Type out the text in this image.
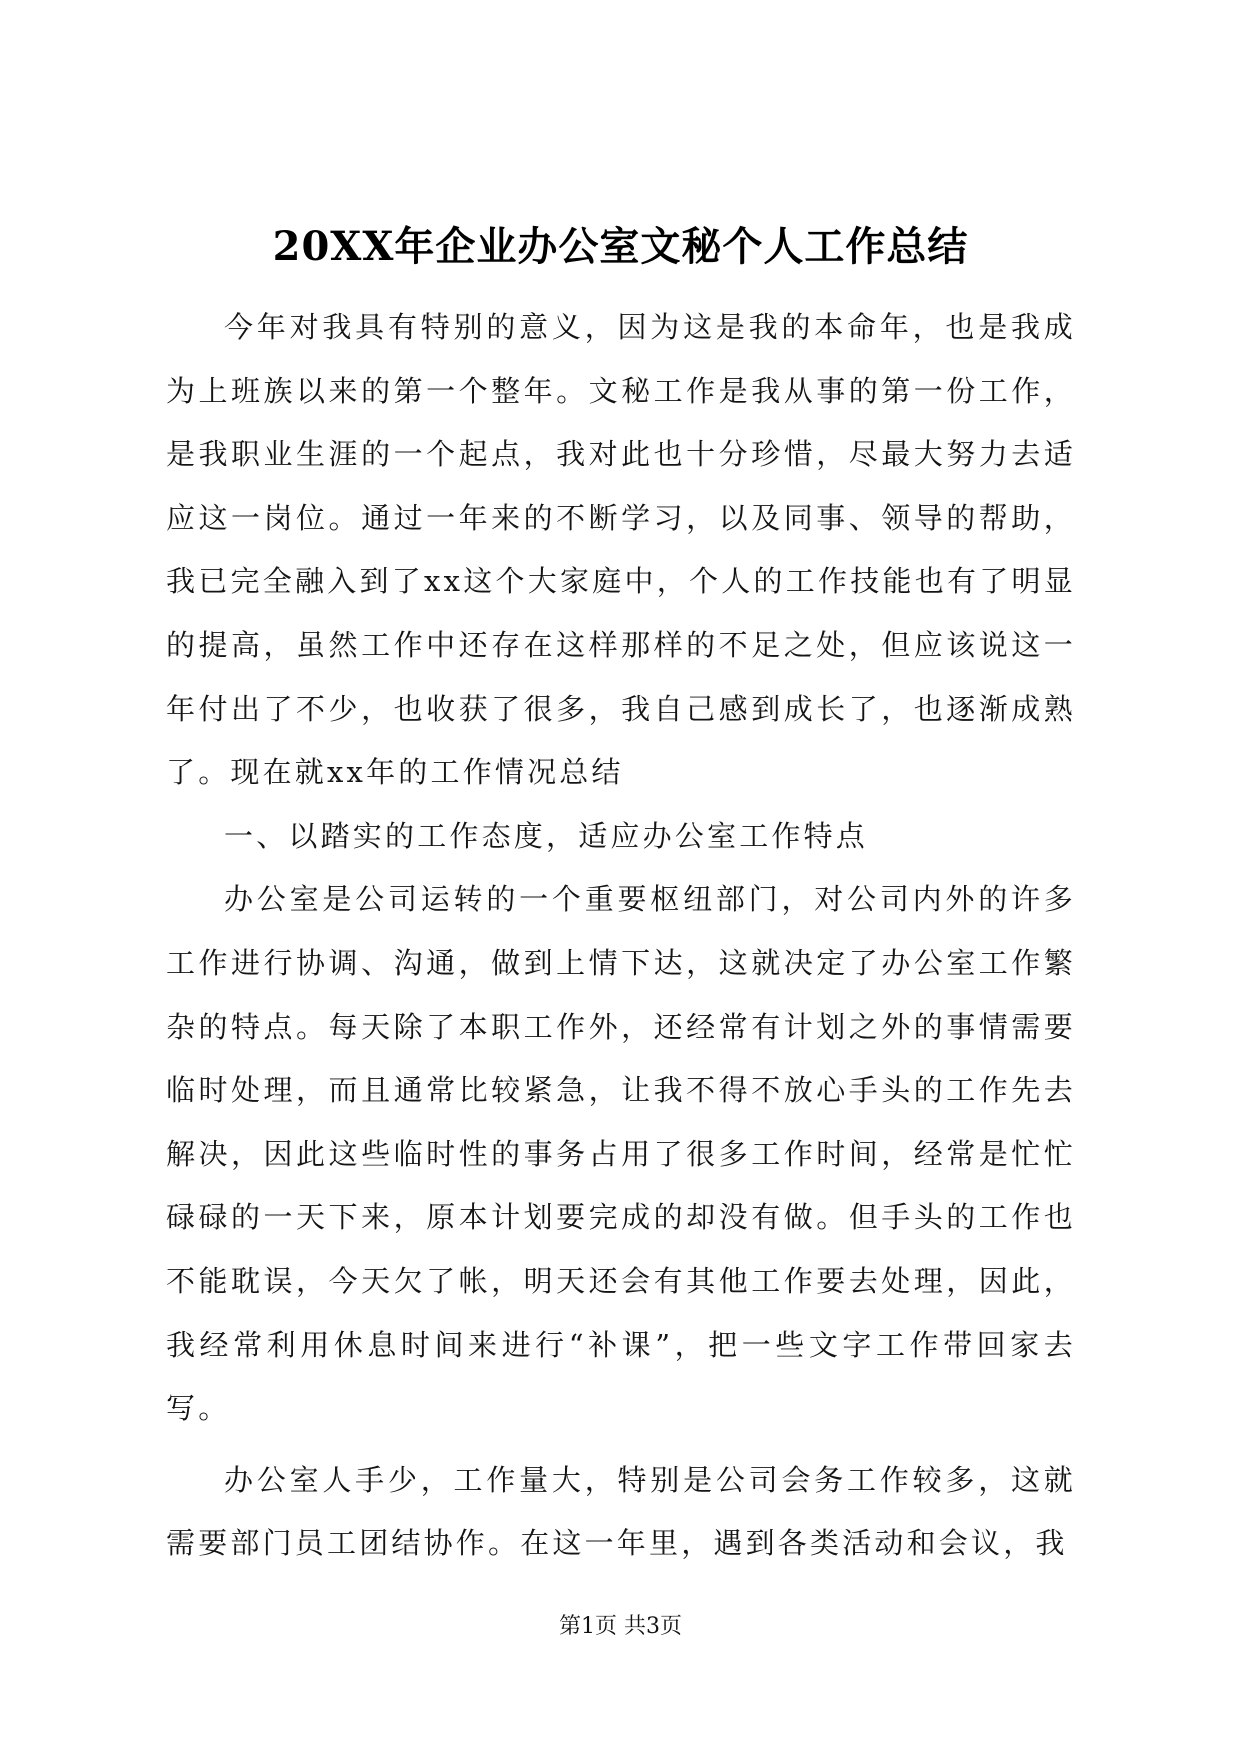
20XX年企业办公室文秘个人工作总结

今年对我具有特别的意义，因为这是我的本命年，也是我成为上班族以来的第一个整年。文秘工作是我从事的第一份工作，是我职业生涯的一个起点，我对此也十分珍惜，尽最大努力去适应这一岗位。通过一年来的不断学习，以及同事、领导的帮助，我已完全融入到了xx这个大家庭中，个人的工作技能也有了明显的提高，虽然工作中还存在这样那样的不足之处，但应该说这一年付出了不少，也收获了很多，我自己感到成长了，也逐渐成熟了。现在就xx年的工作情况总结

一、以踏实的工作态度，适应办公室工作特点

办公室是公司运转的一个重要枢纽部门，对公司内外的许多工作进行协调、沟通，做到上情下达，这就决定了办公室工作繁杂的特点。每天除了本职工作外，还经常有计划之外的事情需要临时处理，而且通常比较紧急，让我不得不放心手头的工作先去解决，因此这些临时性的事务占用了很多工作时间，经常是忙忙碌碌的一天下来，原本计划要完成的却没有做。但手头的工作也不能耽误，今天欠了帐，明天还会有其他工作要去处理，因此，我经常利用休息时间来进行“补课”，把一些文字工作带回家去写。

办公室人手少，工作量大，特别是公司会务工作较多，这就需要部门员工团结协作。在这一年里，遇到各类活动和会议，我

第1页 共3页
